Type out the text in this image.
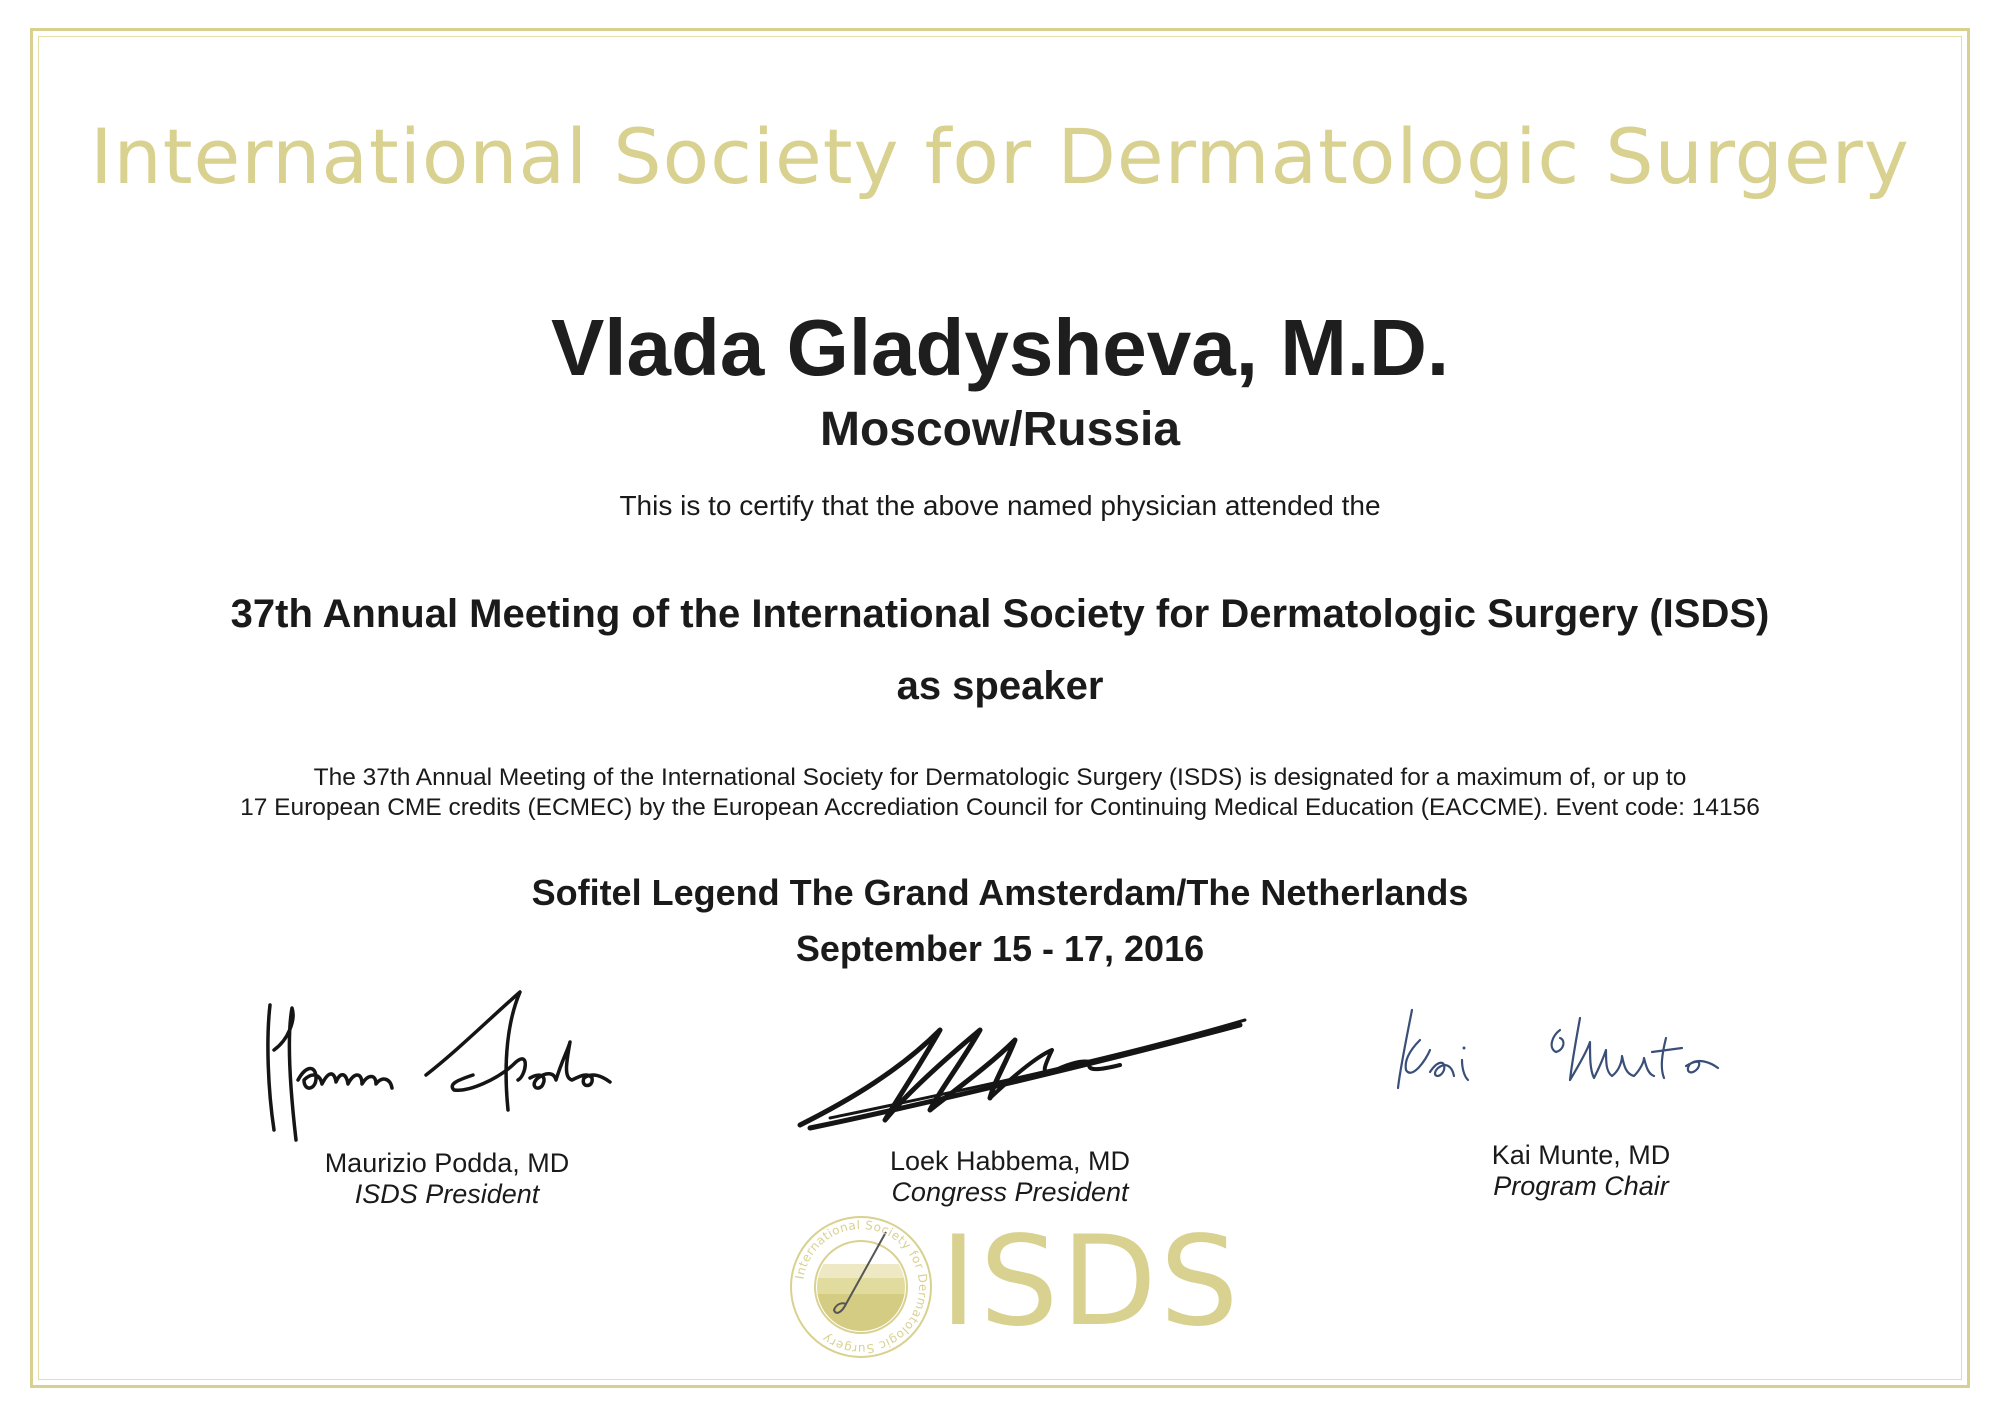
International Society for Dermatologic Surgery
Vlada Gladysheva, M.D.
Moscow/Russia
This is to certify that the above named physician attended the
37th Annual Meeting of the International Society for Dermatologic Surgery (ISDS)
as speaker
The 37th Annual Meeting of the International Society for Dermatologic Surgery (ISDS) is designated for a maximum of, or up to
17 European CME credits (ECMEC) by the European Accrediation Council for Continuing Medical Education (EACCME). Event code: 14156
Sofitel Legend The Grand Amsterdam/The Netherlands
September 15 - 17, 2016
Maurizio Podda, MD
ISDS President
Loek Habbema, MD
Congress President
Kai Munte, MD
Program Chair
International Society for Dermatologic Surgery ISDS
